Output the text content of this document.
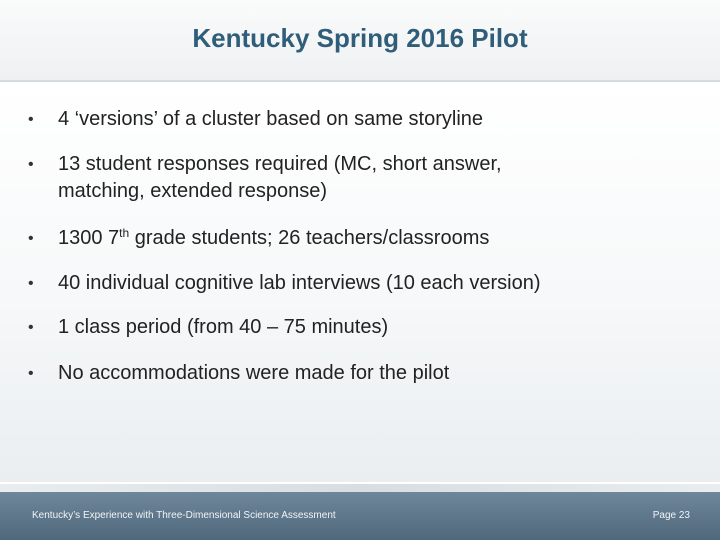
Kentucky Spring 2016 Pilot
•	4 ‘versions’ of a cluster based on same storyline
•	13 student responses required (MC, short answer,
matching, extended response)
•	1300 7th grade students; 26 teachers/classrooms
•	40 individual cognitive lab interviews (10 each version)
•	1 class period (from 40 – 75 minutes)
•	No accommodations were made for the pilot
Kentucky’s Experience with Three-Dimensional Science Assessment	Page 23
